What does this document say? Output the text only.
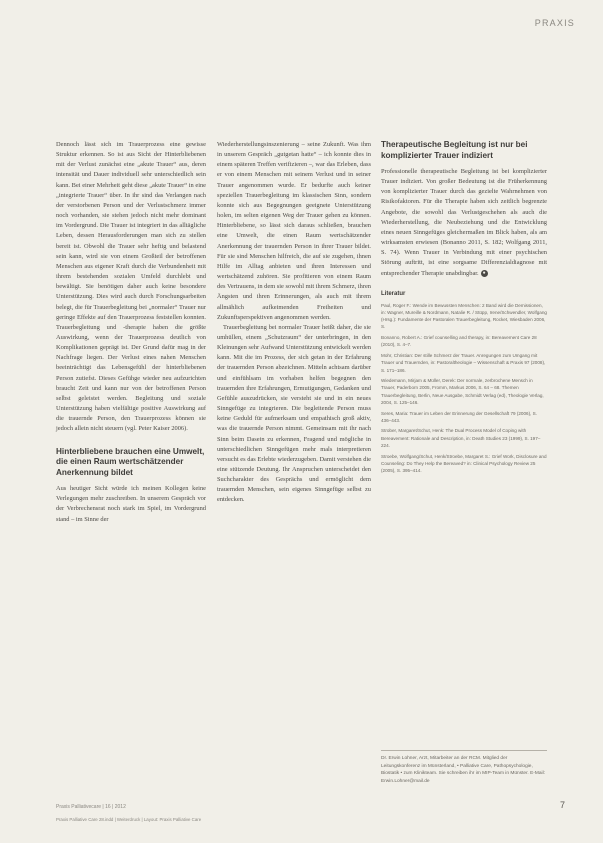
PRAXIS

Dennoch lässt sich im Trauerprozess eine gewisse Struktur erkennen. So ist aus Sicht der Hinterbliebenen mit der Verlust zunächst eine „akute Trauer“ aus, deren intensität und Dauer individuell sehr unterschiedlich sein kann. Bei einer Mehrheit geht diese „akute Trauer“ in eine „integrierte Trauer“ über. In ihr sind das Verlangen nach der verstorbenen Person und der Verlustschmerz immer noch vorhanden, sie stehen jedoch nicht mehr dominant im Vordergrund. Die Trauer ist integriert in das alltägliche Leben, dessen Herausforderungen man sich zu stellen bereit ist. Obwohl die Trauer sehr heftig und belastend sein kann, wird sie von einem Großteil der betroffenen Menschen aus eigener Kraft durch die Verbundenheit mit ihrem bestehenden sozialen Umfeld durchlebt und bewältigt. Sie benötigen daher auch keine besondere Unterstützung. Dies wird auch durch Forschungsarbeiten belegt, die für Trauerbegleitung bei „normaler“ Trauer nur geringe Effekte auf den Trauerprozess feststellen konnten. Trauerbegleitung und -therapie haben die größte Auswirkung, wenn der Trauerprozess deutlich von Komplikationen geprägt ist. Der Grund dafür mag in der Nachfrage liegen. Der Verlust eines nahen Menschen beeinträchtigt das Lebensgefühl der hinterbliebenen Person zutiefst. Dieses Gefühge wieder neu aufzurichten braucht Zeit und kann nur von der betroffenen Person selbst geleistet werden. Begleitung und soziale Unterstützung haben vielfältige positive Auswirkung auf die trauernde Person, den Trauerprozess können sie jedoch allein nicht steuern (vgl. Peter Kaiser 2006).

Hinterbliebene brauchen eine Umwelt, die einen Raum wertschätzender Anerkennung bildet

Aus heutiger Sicht würde ich meinen Kollegen keine Verlegungen mehr zuschreiben. In unserem Gespräch vor der Verbrechensrat noch stark im Spiel, im Vordergrund stand – im Sinne der

Wiederherstellungsinszenierung – seine Zukunft. Was ihm in unserem Gespräch „gutgetan hatte“ – ich konnte dies in einem späteren Treffen verifizieren –, war das Erleben, dass er von einem Menschen mit seinem Verlust und in seiner Trauer angenommen wurde. Er bedurfte auch keiner speziellen Trauerbegleitung im klassischen Sinn, sondern konnte sich aus Begegnungen geeignete Unterstützung holen, im selten eigenen Weg der Trauer gehen zu können. Hinterbliebene, so lässt sich daraus schließen, brauchen eine Umwelt, die einen Raum wertschätzender Anerkennung der trauernden Person in ihrer Trauer bildet. Für sie sind Menschen hilfreich, die auf sie zugehen, ihnen Hilfe im Alltag anbieten und ihren Interessen und wertschätzend zuhören. Sie profitieren von einem Raum des Vertrauens, in dem sie sowohl mit ihrem Schmerz, ihren Ängsten und ihren Erinnerungen, als auch mit ihrem allmählich aufkeimenden Freiheiten und Zukunftsperspektiven angenommen werden.

Trauerbegleitung bei normaler Trauer heißt daher, die sie umhüllen, einem „Schutzraum“ der unterbringen, in den Kleinungen sehr Aufwand Unterstützung entwickelt werden kann. Mit die im Prozess, der sich getan in der Erfahrung der trauernden Person abzeichnen. Mitteln achtsam darüber und einfühlsam im vorhaben helfen begegnen den trauernden ihre Erfahrungen, Ermutigungen, Gedanken und Gefühle auszudrücken, sie versteht sie und in ein neues Sinngefüge zu integrieren. Die begleitende Person muss keine Geduld für aufmerksam und empathisch groß aktiv, was die trauernde Person nimmt. Gemeinsam mit ihr nach Sinn beim Dasein zu erkennen, Fragend und mögliche in unterschiedlichen Sinngefügen mehr mals interpretieren versucht es das Erlebte wiederzugeben. Damit verstehen die eine stützende Deutung. Ihr Anspruchen unterscheidet den Suchcharakter des Gesprächs und ermöglicht dem trauernden Menschen, sein eigenes Sinngefüge selbst zu entdecken.

Therapeutische Begleitung ist nur bei komplizierter Trauer indiziert

Professionelle therapeutische Begleitung ist bei komplizierter Trauer indiziert. Von großer Bedeutung ist die Früherkennung von komplizierter Trauer durch das gezielte Wahrnehmen von Risikofaktoren. Für die Therapie haben sich zeitlich begrenzte Angebote, die sowohl das Verlustgeschehen als auch die Wiederherstellung, die Neubeziehung und die Entwicklung eines neuen Sinngefüges gleichermaßen im Blick haben, als am wirksamsten erwiesen (Bonanno 2011, S. 182; Wolfgang 2011, S. 74). Wenn Trauer in Verbindung mit einer psychischen Störung auftritt, ist eine sorgsame Differenzialdiagnose mit entsprechender Therapie unabdingbar. ●

Literatur
Paul, Roger F.: Wende im Bewussten Menschen: 2 Band wird die Demissionen, in: Wagner, Mureille & Nordmann, Natalie R. / Stüpp, Irene/Schwendler, Wolfgang (Hrsg.): Fundamente der Pastoralen Trauerbegleitung, Rocket, Wiesbaden 2006, S.
Bonanno, Robert A.: Grief counselling and therapy, in: Bereavement Care 28 (2010), S. 4–7.
Mohr, Christian: Der stille Schmerz der Trauer. Anregungen zum Umgang mit Trauer und Trauernden, in: Pastoraltheologie – Wissenschaft & Praxis 97 (2008), S. 171–186.
Wiedemann, Mirjam & Müller, Derek: Der normale, zerbrochene Mensch in Trauer, Paderborn 2005, Fromm, Markus 2006, S. 64 – 68. Themen Trauerbegleitung, Berlin, Neue Ausgabe, Schmidt Verlag (ed), Theologie Verlag, 2004, S. 125–146.
Seres, Maria: Trauer im Leben der Erinnerung der Gesellschaft 79 (2006), S. 436–443.
Strober, Margaret/Schut, Henk: The Dual Process Model of Coping with Bereavement: Rationale and Description, in: Death Studies 23 (1999), S. 197–224.
Stroebe, Wolfgang/Schut, Henk/Stroebe, Margaret S.: Grief Work, Disclosure and Counseling: Do They Help the Bereaved? in: Clinical Psychology Review 25 (2005), S. 395–414.
Dr. Erwin Lohner, Arzt, Mitarbeiter an der RCM. Mitglied der Leitungskonferenz im Münsterland, • Palliative Care, Pathopsychologie, Biostatik • zum Klinikteam. Sie schreiben ihr im MIP-Team in Münster. E-Mail: Erwin.Lohner@mail.de
Praxis Palliativecare | 16 | 2012	7
Praxis Palliative Care 28.indd | Weiterdruck | Layout: Praxis Palliative Care
